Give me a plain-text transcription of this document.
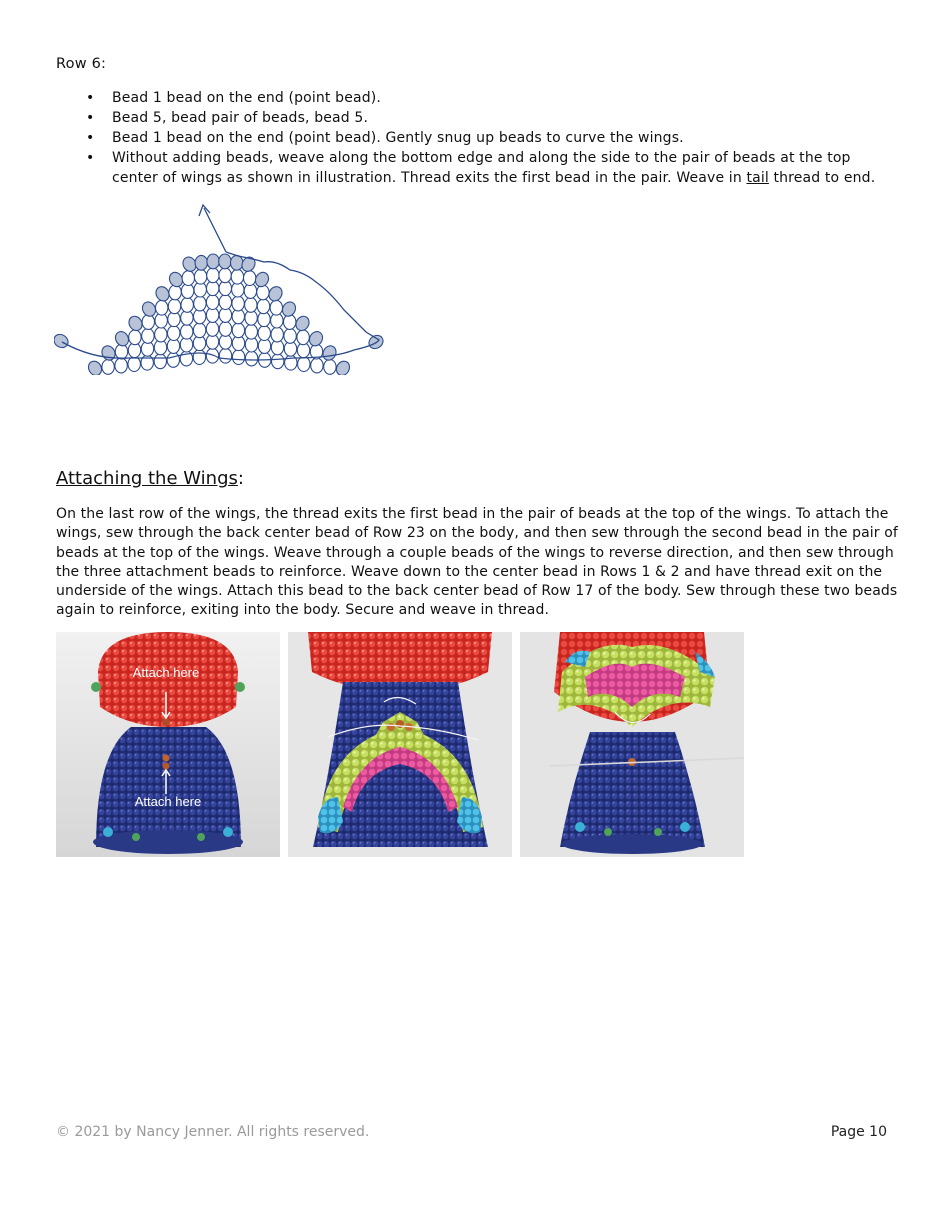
Row 6:
• Bead 1 bead on the end (point bead).
• Bead 5, bead pair of beads, bead 5.
• Bead 1 bead on the end (point bead). Gently snug up beads to curve the wings.
• Without adding beads, weave along the bottom edge and along the side to the pair of beads at the top center of wings as shown in illustration. Thread exits the first bead in the pair. Weave in tail thread to end.
Attaching the Wings:

On the last row of the wings, the thread exits the first bead in the pair of beads at the top of the wings. To attach the wings, sew through the back center bead of Row 23 on the body, and then sew through the second bead in the pair of beads at the top of the wings. Weave through a couple beads of the wings to reverse direction, and then sew through the three attachment beads to reinforce. Weave down to the center bead in Rows 1 & 2 and have thread exit on the underside of the wings. Attach this bead to the back center bead of Row 17 of the body. Sew through these two beads again to reinforce, exiting into the body. Secure and weave in thread.

Attach here
Attach here
© 2021 by Nancy Jenner. All rights reserved.	Page 10
